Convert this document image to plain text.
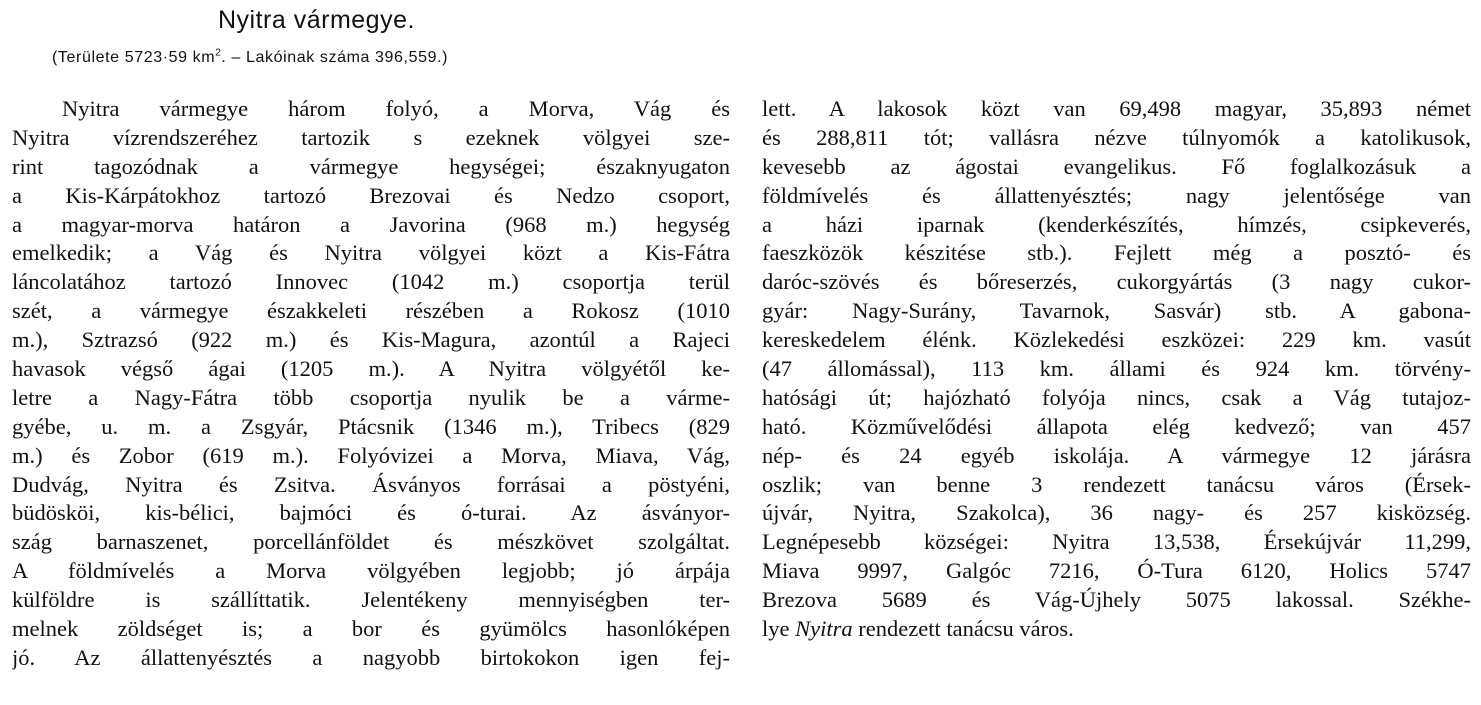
Nyitra vármegye.
(Területe 5723·59 $km^2$. – Lakóinak száma 396,559.)
Nyitra vármegye három folyó, a Morva, Vág és
Nyitra vízrendszeréhez tartozik s ezeknek völgyei sze-
rint tagozódnak a vármegye hegységei; északnyugaton
a Kis-Kárpátokhoz tartozó Brezovai és Nedzo csoport,
a magyar-morva határon a Javorina (968 m.) hegység
emelkedik; a Vág és Nyitra völgyei közt a Kis-Fátra
láncolatához tartozó Innovec (1042 m.) csoportja terül
szét, a vármegye északkeleti részében a Rokosz (1010
m.), Sztrazsó (922 m.) és Kis-Magura, azontúl a Rajeci
havasok végső ágai (1205 m.). A Nyitra völgyétől ke-
letre a Nagy-Fátra több csoportja nyulik be a várme-
gyébe, u. m. a Zsgyár, Ptácsnik (1346 m.), Tribecs (829
m.) és Zobor (619 m.). Folyóvizei a Morva, Miava, Vág,
Dudvág, Nyitra és Zsitva. Ásványos forrásai a pöstyéni,
büdösköi, kis-bélici, bajmóci és ó-turai. Az ásványor-
szág barnaszenet, porcellánföldet és mészkövet szolgáltat.
A földmívelés a Morva völgyében legjobb; jó árpája
külföldre is szállíttatik. Jelentékeny mennyiségben ter-
melnek zöldséget is; a bor és gyümölcs hasonlóképen
jó. Az állattenyésztés a nagyobb birtokokon igen fej-
lett. A lakosok közt van 69,498 magyar, 35,893 német
és 288,811 tót; vallásra nézve túlnyomók a katolikusok,
kevesebb az ágostai evangelikus. Fő foglalkozásuk a
földmívelés és állattenyésztés; nagy jelentősége van
a házi iparnak (kenderkészítés, hímzés, csipkeverés,
faeszközök készitése stb.). Fejlett még a posztó- és
daróc-szövés és bőreserzés, cukorgyártás (3 nagy cukor-
gyár: Nagy-Surány, Tavarnok, Sasvár) stb. A gabona-
kereskedelem élénk. Közlekedési eszközei: 229 km. vasút
(47 állomással), 113 km. állami és 924 km. törvény-
hatósági út; hajózható folyója nincs, csak a Vág tutajoz-
ható. Közművelődési állapota elég kedvező; van 457
nép- és 24 egyéb iskolája. A vármegye 12 járásra
oszlik; van benne 3 rendezett tanácsu város (Érsek-
újvár, Nyitra, Szakolca), 36 nagy- és 257 kisközség.
Legnépesebb községei: Nyitra 13,538, Érsekújvár 11,299,
Miava 9997, Galgóc 7216, Ó-Tura 6120, Holics 5747
Brezova 5689 és Vág-Újhely 5075 lakossal. Székhe-
lye Nyitra rendezett tanácsu város.
